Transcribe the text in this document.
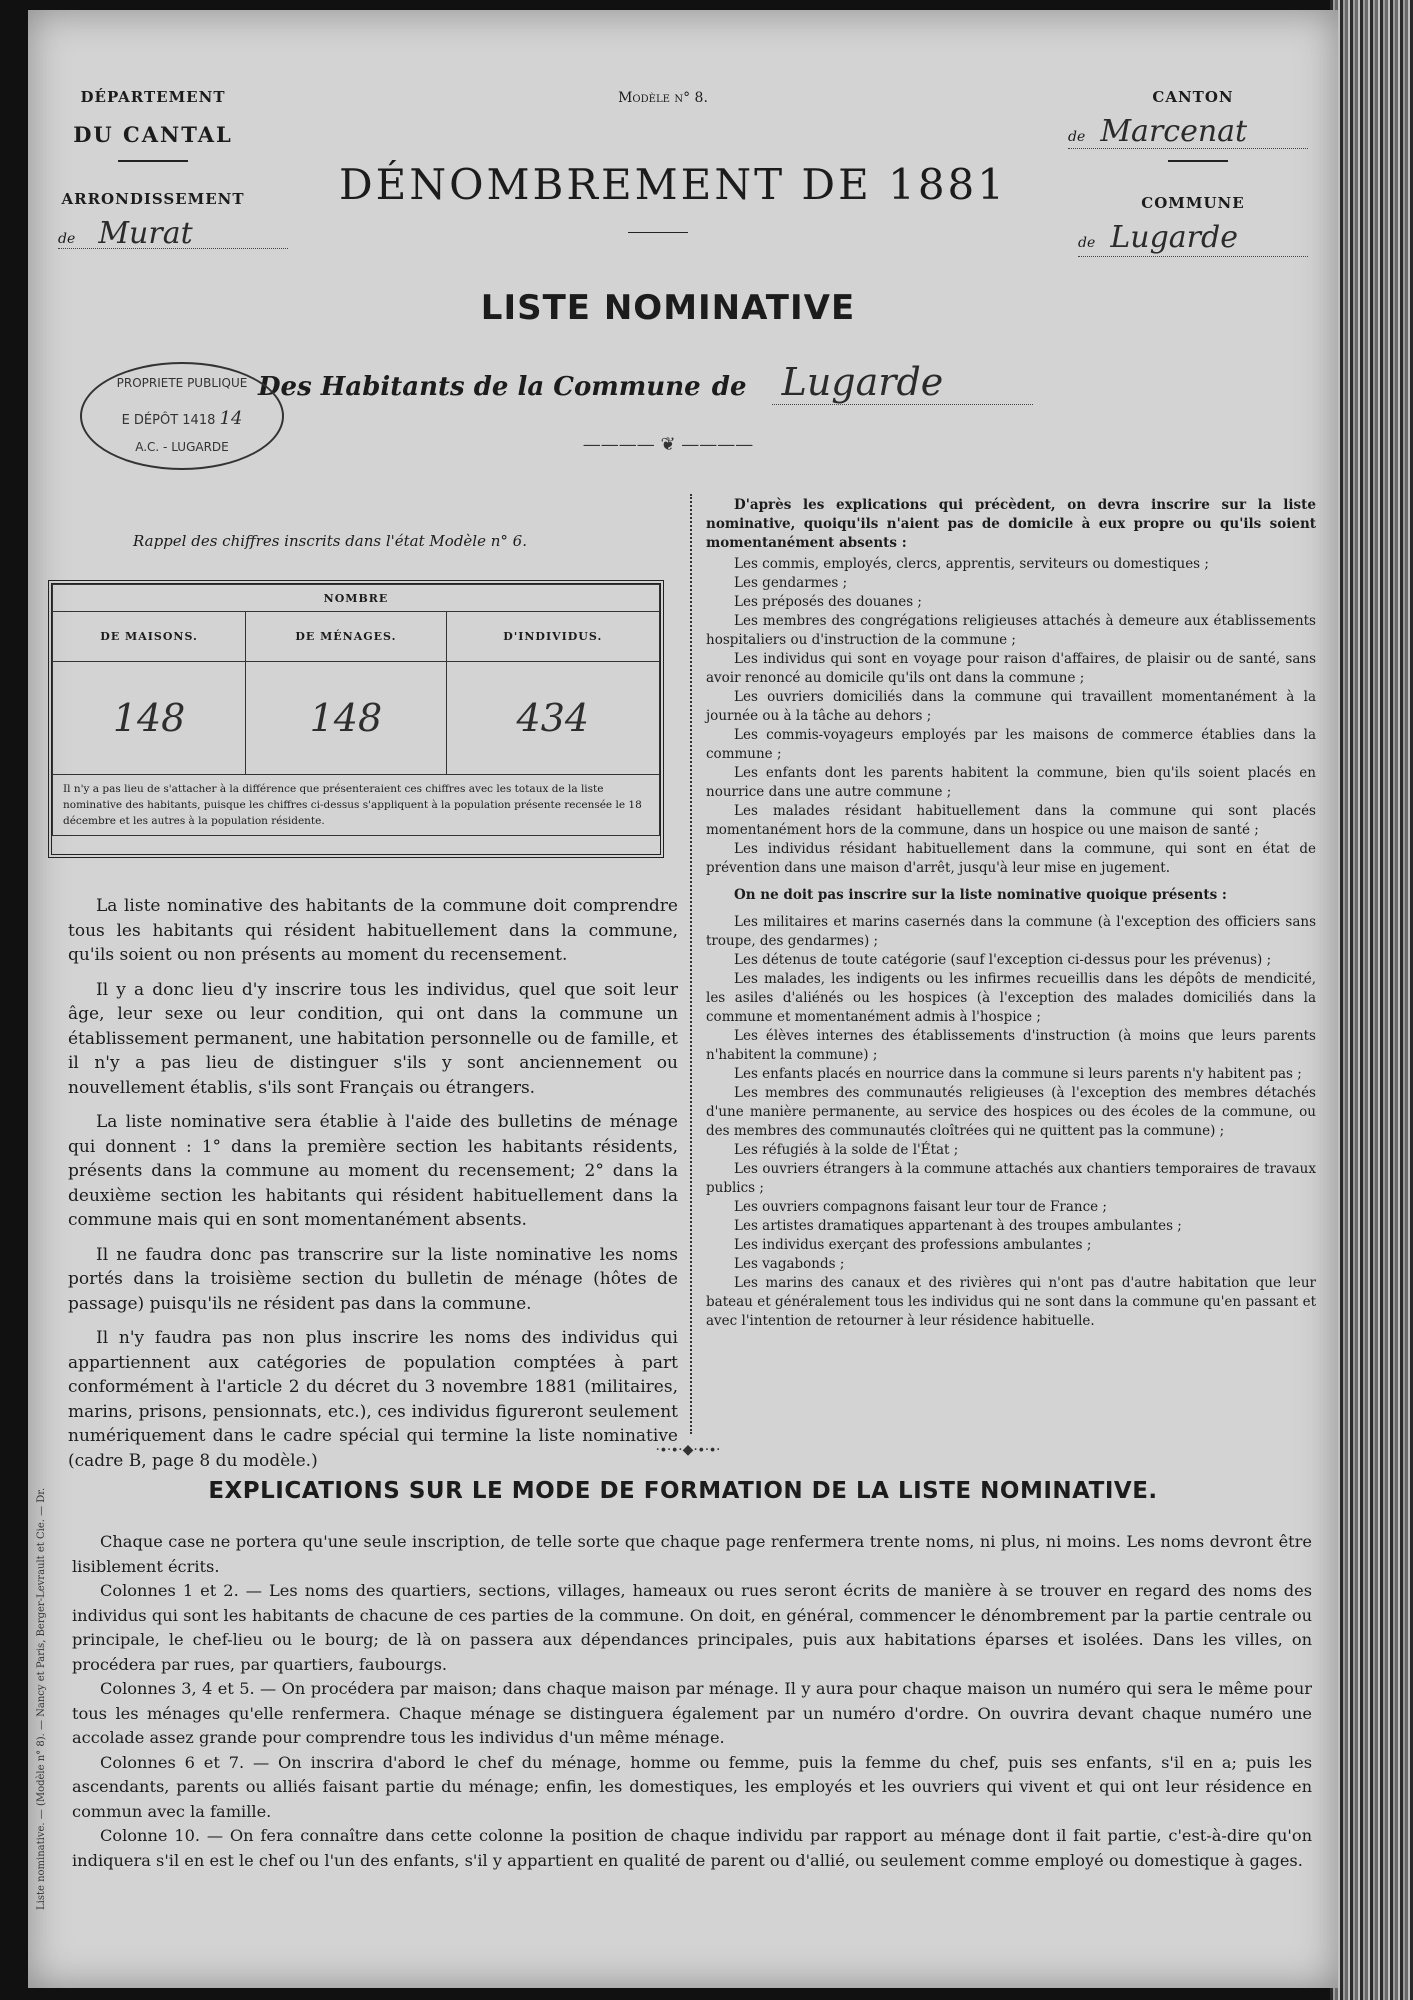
DÉPARTEMENT
DU CANTAL
ARRONDISSEMENT
de Murat
Modèle n° 8.
DÉNOMBREMENT DE 1881
CANTON
de Marcenat
COMMUNE
de Lugarde
LISTE NOMINATIVE
Des Habitants de la Commune de Lugarde
———— ❦ ————
PROPRIETE PUBLIQUE
E DÉPÔT 1418 14
A.C. - LUGARDE
Rappel des chiffres inscrits dans l'état Modèle n° 6.
NOMBRE		
DE MAISONS.	DE MÉNAGES.	D'INDIVIDUS.
148	148	434
Il n'y a pas lieu de s'attacher à la différence que présenteraient ces chiffres avec les totaux de la liste nominative des habitants, puisque les chiffres ci-dessus s'appliquent à la population présente recensée le 18 décembre et les autres à la population résidente.		

La liste nominative des habitants de la commune doit comprendre tous les habitants qui résident habituellement dans la commune, qu'ils soient ou non présents au moment du recensement.

Il y a donc lieu d'y inscrire tous les individus, quel que soit leur âge, leur sexe ou leur condition, qui ont dans la commune un établissement permanent, une habitation personnelle ou de famille, et il n'y a pas lieu de distinguer s'ils y sont anciennement ou nouvellement établis, s'ils sont Français ou étrangers.

La liste nominative sera établie à l'aide des bulletins de ménage qui donnent : 1° dans la première section les habitants résidents, présents dans la commune au moment du recensement; 2° dans la deuxième section les habitants qui résident habituellement dans la commune mais qui en sont momentanément absents.

Il ne faudra donc pas transcrire sur la liste nominative les noms portés dans la troisième section du bulletin de ménage (hôtes de passage) puisqu'ils ne résident pas dans la commune.

Il n'y faudra pas non plus inscrire les noms des individus qui appartiennent aux catégories de population comptées à part conformément à l'article 2 du décret du 3 novembre 1881 (militaires, marins, prisons, pensionnats, etc.), ces individus figureront seulement numériquement dans le cadre spécial qui termine la liste nominative (cadre B, page 8 du modèle.)

D'après les explications qui précèdent, on devra inscrire sur la liste nominative, quoiqu'ils n'aient pas de domicile à eux propre ou qu'ils soient momentanément absents :

Les commis, employés, clercs, apprentis, serviteurs ou domestiques ;

Les gendarmes ;

Les préposés des douanes ;

Les membres des congrégations religieuses attachés à demeure aux établissements hospitaliers ou d'instruction de la commune ;

Les individus qui sont en voyage pour raison d'affaires, de plaisir ou de santé, sans avoir renoncé au domicile qu'ils ont dans la commune ;

Les ouvriers domiciliés dans la commune qui travaillent momentanément à la journée ou à la tâche au dehors ;

Les commis-voyageurs employés par les maisons de commerce établies dans la commune ;

Les enfants dont les parents habitent la commune, bien qu'ils soient placés en nourrice dans une autre commune ;

Les malades résidant habituellement dans la commune qui sont placés momentanément hors de la commune, dans un hospice ou une maison de santé ;

Les individus résidant habituellement dans la commune, qui sont en état de prévention dans une maison d'arrêt, jusqu'à leur mise en jugement.

On ne doit pas inscrire sur la liste nominative quoique présents :

Les militaires et marins casernés dans la commune (à l'exception des officiers sans troupe, des gendarmes) ;

Les détenus de toute catégorie (sauf l'exception ci-dessus pour les prévenus) ;

Les malades, les indigents ou les infirmes recueillis dans les dépôts de mendicité, les asiles d'aliénés ou les hospices (à l'exception des malades domiciliés dans la commune et momentanément admis à l'hospice ;

Les élèves internes des établissements d'instruction (à moins que leurs parents n'habitent la commune) ;

Les enfants placés en nourrice dans la commune si leurs parents n'y habitent pas ;

Les membres des communautés religieuses (à l'exception des membres détachés d'une manière permanente, au service des hospices ou des écoles de la commune, ou des membres des communautés cloîtrées qui ne quittent pas la commune) ;

Les réfugiés à la solde de l'État ;

Les ouvriers étrangers à la commune attachés aux chantiers temporaires de travaux publics ;

Les ouvriers compagnons faisant leur tour de France ;

Les artistes dramatiques appartenant à des troupes ambulantes ;

Les individus exerçant des professions ambulantes ;

Les vagabonds ;

Les marins des canaux et des rivières qui n'ont pas d'autre habitation que leur bateau et généralement tous les individus qui ne sont dans la commune qu'en passant et avec l'intention de retourner à leur résidence habituelle.

·∙·∙·◆·∙·∙·
EXPLICATIONS SUR LE MODE DE FORMATION DE LA LISTE NOMINATIVE.

Chaque case ne portera qu'une seule inscription, de telle sorte que chaque page renfermera trente noms, ni plus, ni moins. Les noms devront être lisiblement écrits.

Colonnes 1 et 2. — Les noms des quartiers, sections, villages, hameaux ou rues seront écrits de manière à se trouver en regard des noms des individus qui sont les habitants de chacune de ces parties de la commune. On doit, en général, commencer le dénombrement par la partie centrale ou principale, le chef-lieu ou le bourg; de là on passera aux dépendances principales, puis aux habitations éparses et isolées. Dans les villes, on procédera par rues, par quartiers, faubourgs.

Colonnes 3, 4 et 5. — On procédera par maison; dans chaque maison par ménage. Il y aura pour chaque maison un numéro qui sera le même pour tous les ménages qu'elle renfermera. Chaque ménage se distinguera également par un numéro d'ordre. On ouvrira devant chaque numéro une accolade assez grande pour comprendre tous les individus d'un même ménage.

Colonnes 6 et 7. — On inscrira d'abord le chef du ménage, homme ou femme, puis la femme du chef, puis ses enfants, s'il en a; puis les ascendants, parents ou alliés faisant partie du ménage; enfin, les domestiques, les employés et les ouvriers qui vivent et qui ont leur résidence en commun avec la famille.

Colonne 10. — On fera connaître dans cette colonne la position de chaque individu par rapport au ménage dont il fait partie, c'est-à-dire qu'on indiquera s'il en est le chef ou l'un des enfants, s'il y appartient en qualité de parent ou d'allié, ou seulement comme employé ou domestique à gages.

Liste nominative. — (Modèle n° 8). — Nancy et Paris, Berger-Levrault et Cie. — Dr.
